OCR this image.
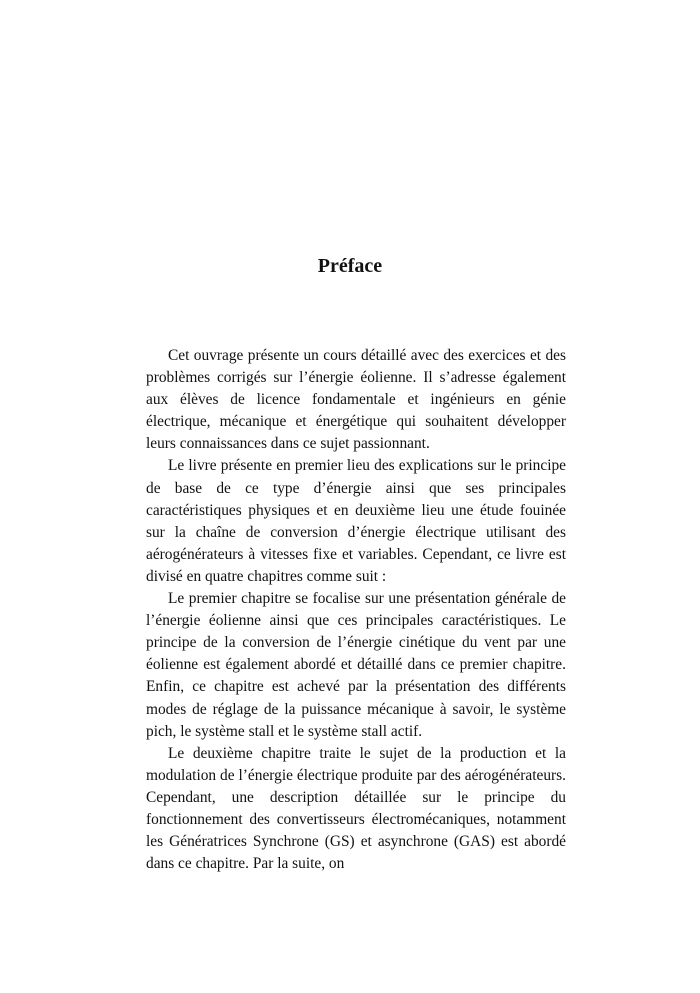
Préface

Cet ouvrage présente un cours détaillé avec des exercices et des problèmes corrigés sur l’énergie éolienne. Il s’adresse également aux élèves de licence fondamentale et ingénieurs en génie électrique, mécanique et énergétique qui souhaitent développer leurs connaissances dans ce sujet passionnant.

Le livre présente en premier lieu des explications sur le principe de base de ce type d’énergie ainsi que ses principales caractéristiques physiques et en deuxième lieu une étude fouinée sur la chaîne de conversion d’énergie électrique utilisant des aérogénérateurs à vitesses fixe et variables. Cependant, ce livre est divisé en quatre chapitres comme suit :

Le premier chapitre se focalise sur une présentation générale de l’énergie éolienne ainsi que ces principales caractéristiques. Le principe de la conversion de l’énergie cinétique du vent par une éolienne est également abordé et détaillé dans ce premier chapitre. Enfin, ce chapitre est achevé par la présentation des différents modes de réglage de la puissance mécanique à savoir, le système pich, le système stall et le système stall actif.

Le deuxième chapitre traite le sujet de la production et la modulation de l’énergie électrique produite par des aérogénérateurs. Cependant, une description détaillée sur le principe du fonctionnement des convertisseurs électromécaniques, notamment les Génératrices Synchrone (GS) et asynchrone (GAS) est abordé dans ce chapitre. Par la suite, on
